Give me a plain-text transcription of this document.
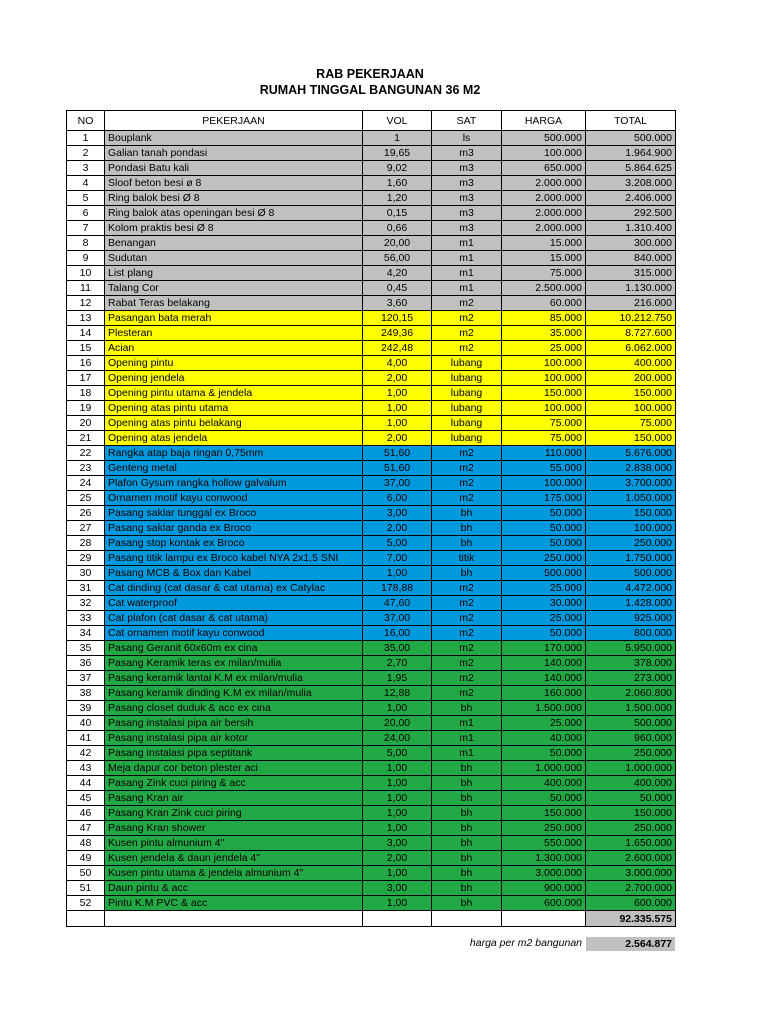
RAB PEKERJAAN
RUMAH TINGGAL BANGUNAN 36 M2
NO	PEKERJAAN	VOL	SAT	HARGA	TOTAL
1	Bouplank	1	ls	500.000	500.000
2	Galian tanah pondasi	19,65	m3	100.000	1.964.900
3	Pondasi Batu kali	9,02	m3	650.000	5.864.625
4	Sloof beton besi ø 8	1,60	m3	2.000.000	3.208.000
5	Ring balok besi Ø 8	1,20	m3	2.000.000	2.406.000
6	Ring balok atas openingan besi Ø 8	0,15	m3	2.000.000	292.500
7	Kolom praktis besi Ø 8	0,66	m3	2.000.000	1.310.400
8	Benangan	20,00	m1	15.000	300.000
9	Sudutan	56,00	m1	15.000	840.000
10	List plang	4,20	m1	75.000	315.000
11	Talang Cor	0,45	m1	2.500.000	1.130.000
12	Rabat Teras belakang	3,60	m2	60.000	216.000
13	Pasangan bata merah	120,15	m2	85.000	10.212.750
14	Plesteran	249,36	m2	35.000	8.727.600
15	Acian	242,48	m2	25.000	6.062.000
16	Opening pintu	4,00	lubang	100.000	400.000
17	Opening jendela	2,00	lubang	100.000	200.000
18	Opening pintu utama & jendela	1,00	lubang	150.000	150.000
19	Opening atas pintu utama	1,00	lubang	100.000	100.000
20	Opening atas pintu belakang	1,00	lubang	75.000	75.000
21	Opening atas jendela	2,00	lubang	75.000	150.000
22	Rangka atap baja ringan 0,75mm	51,60	m2	110.000	5.676.000
23	Genteng metal	51,60	m2	55.000	2.838.000
24	Plafon Gysum rangka hollow galvalum	37,00	m2	100.000	3.700.000
25	Ornamen motif kayu conwood	6,00	m2	175.000	1.050.000
26	Pasang saklar tunggal ex Broco	3,00	bh	50.000	150.000
27	Pasang saklar ganda ex Broco	2,00	bh	50.000	100.000
28	Pasang stop kontak ex Broco	5,00	bh	50.000	250.000
29	Pasang titik lampu ex Broco kabel NYA 2x1,5 SNI	7,00	titik	250.000	1.750.000
30	Pasang MCB & Box dan Kabel	1,00	bh	500.000	500.000
31	Cat dinding (cat dasar & cat utama) ex Catylac	178,88	m2	25.000	4.472.000
32	Cat waterproof	47,60	m2	30.000	1.428.000
33	Cat plafon (cat dasar & cat utama)	37,00	m2	25.000	925.000
34	Cat ornamen motif kayu conwood	16,00	m2	50.000	800.000
35	Pasang Geranit 60x60m ex cina	35,00	m2	170.000	5.950.000
36	Pasang Keramik teras ex milan/mulia	2,70	m2	140.000	378.000
37	Pasang keramik lantai K.M ex milan/mulia	1,95	m2	140.000	273.000
38	Pasang keramik dinding K.M ex milan/mulia	12,88	m2	160.000	2.060.800
39	Pasang closet duduk & acc ex cina	1,00	bh	1.500.000	1.500.000
40	Pasang instalasi pipa air bersih	20,00	m1	25.000	500.000
41	Pasang instalasi pipa air kotor	24,00	m1	40.000	960.000
42	Pasang instalasi pipa septitank	5,00	m1	50.000	250.000
43	Meja dapur cor beton plester aci	1,00	bh	1.000.000	1.000.000
44	Pasang Zink cuci piring & acc	1,00	bh	400.000	400.000
45	Pasang Kran air	1,00	bh	50.000	50.000
46	Pasang Kran Zink cuci piring	1,00	bh	150.000	150.000
47	Pasang Kran shower	1,00	bh	250.000	250.000
48	Kusen pintu almunium 4"	3,00	bh	550.000	1.650.000
49	Kusen jendela & daun jendela 4"	2,00	bh	1.300.000	2.600.000
50	Kusen pintu utama & jendela almunium 4"	1,00	bh	3.000.000	3.000.000
51	Daun pintu & acc	3,00	bh	900.000	2.700.000
52	Pintu K.M PVC & acc	1,00	bh	600.000	600.000
					92.335.575
harga per m2 bangunan	2.564.877
